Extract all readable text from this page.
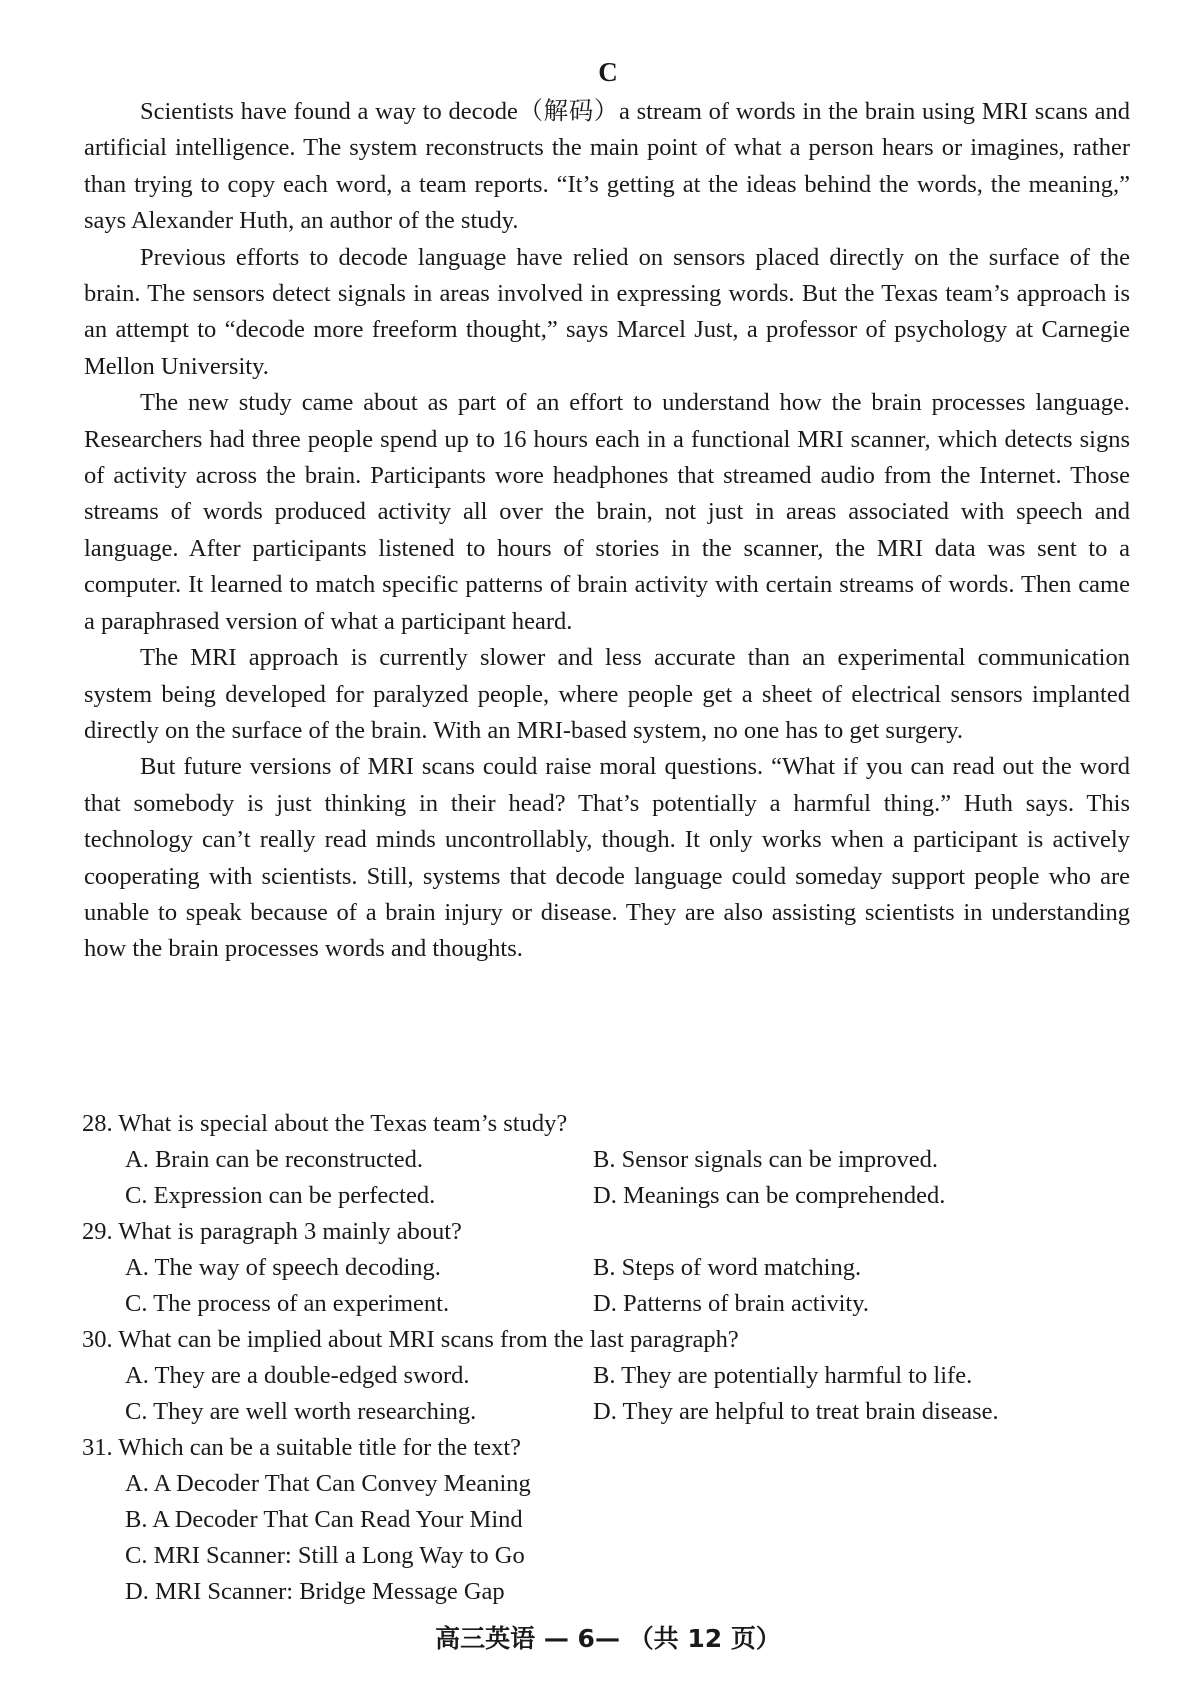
C

Scientists have found a way to decode（解码）a stream of words in the brain using MRI scans and artificial intelligence. The system reconstructs the main point of what a person hears or imagines, rather than trying to copy each word, a team reports. “It’s getting at the ideas behind the words, the meaning,” says Alexander Huth, an author of the study.

Previous efforts to decode language have relied on sensors placed directly on the surface of the brain. The sensors detect signals in areas involved in expressing words. But the Texas team’s approach is an attempt to “decode more freeform thought,” says Marcel Just, a professor of psychology at Carnegie Mellon University.

The new study came about as part of an effort to understand how the brain processes language. Researchers had three people spend up to 16 hours each in a functional MRI scanner, which detects signs of activity across the brain. Participants wore headphones that streamed audio from the Internet. Those streams of words produced activity all over the brain, not just in areas associated with speech and language. After participants listened to hours of stories in the scanner, the MRI data was sent to a computer. It learned to match specific patterns of brain activity with certain streams of words. Then came a paraphrased version of what a participant heard.

The MRI approach is currently slower and less accurate than an experimental communication system being developed for paralyzed people, where people get a sheet of electrical sensors implanted directly on the surface of the brain. With an MRI-based system, no one has to get surgery.

But future versions of MRI scans could raise moral questions. “What if you can read out the word that somebody is just thinking in their head? That’s potentially a harmful thing.” Huth says. This technology can’t really read minds uncontrollably, though. It only works when a participant is actively cooperating with scientists. Still, systems that decode language could someday support people who are unable to speak because of a brain injury or disease. They are also assisting scientists in understanding how the brain processes words and thoughts.

28. What is special about the Texas team’s study?
A. Brain can be reconstructed.	B. Sensor signals can be improved.
C. Expression can be perfected.	D. Meanings can be comprehended.
29. What is paragraph 3 mainly about?
A. The way of speech decoding.	B. Steps of word matching.
C. The process of an experiment.	D. Patterns of brain activity.
30. What can be implied about MRI scans from the last paragraph?
A. They are a double-edged sword.	B. They are potentially harmful to life.
C. They are well worth researching.	D. They are helpful to treat brain disease.
31. Which can be a suitable title for the text?
A. A Decoder That Can Convey Meaning
B. A Decoder That Can Read Your Mind
C. MRI Scanner: Still a Long Way to Go
D. MRI Scanner: Bridge Message Gap
高三英语 — 6— （共 12 页）
